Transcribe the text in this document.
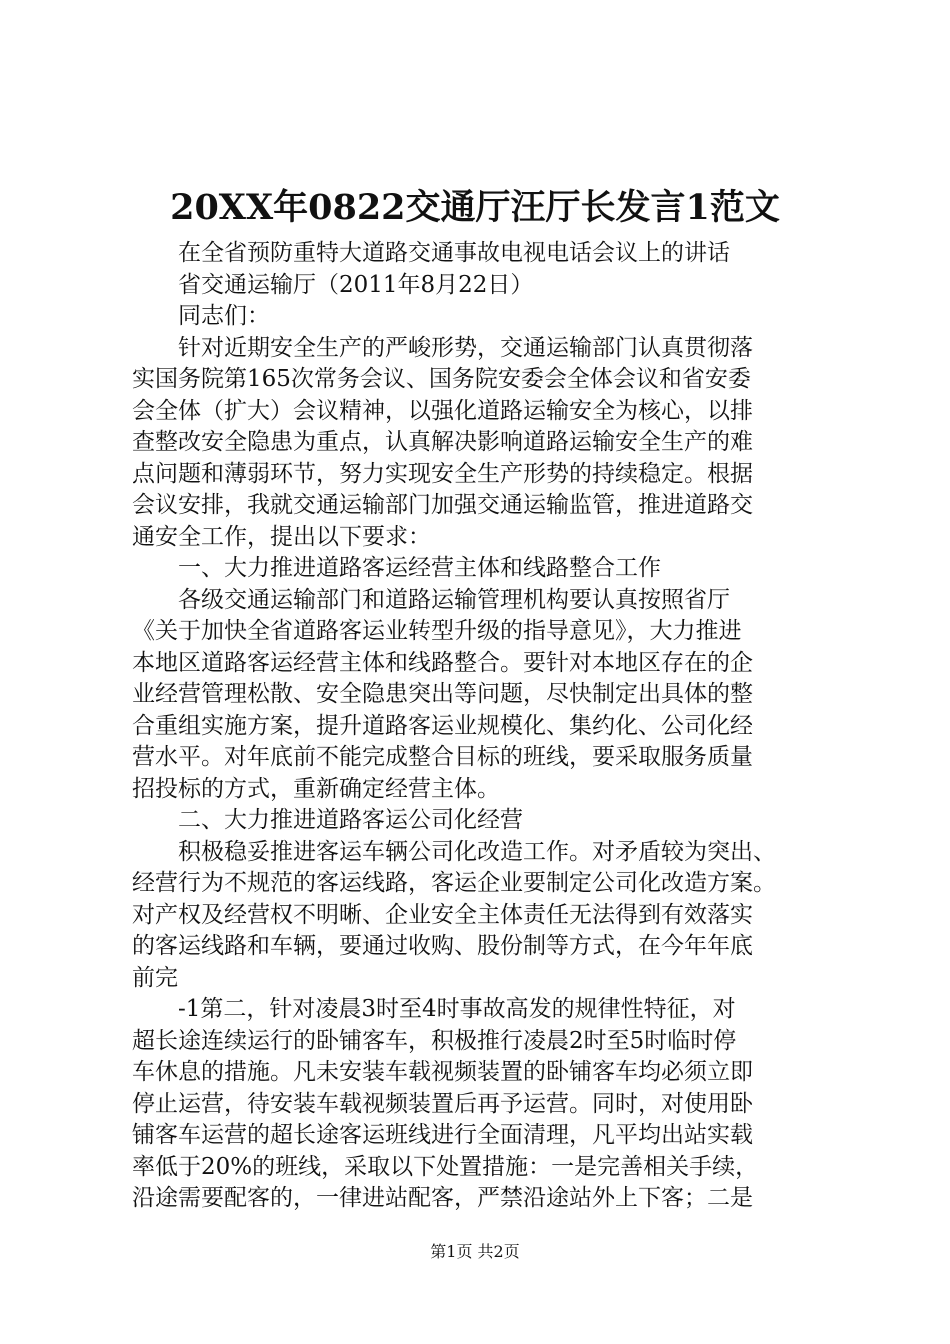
20XX年0822交通厅汪厅长发言1范文
在全省预防重特大道路交通事故电视电话会议上的讲话
省交通运输厅（2011年8月22日）
同志们：
针对近期安全生产的严峻形势，交通运输部门认真贯彻落
实国务院第165次常务会议、国务院安委会全体会议和省安委
会全体（扩大）会议精神，以强化道路运输安全为核心，以排
查整改安全隐患为重点，认真解决影响道路运输安全生产的难
点问题和薄弱环节，努力实现安全生产形势的持续稳定。根据
会议安排，我就交通运输部门加强交通运输监管，推进道路交
通安全工作，提出以下要求：
一、大力推进道路客运经营主体和线路整合工作
各级交通运输部门和道路运输管理机构要认真按照省厅
《关于加快全省道路客运业转型升级的指导意见》，大力推进
本地区道路客运经营主体和线路整合。要针对本地区存在的企
业经营管理松散、安全隐患突出等问题，尽快制定出具体的整
合重组实施方案，提升道路客运业规模化、集约化、公司化经
营水平。对年底前不能完成整合目标的班线，要采取服务质量
招投标的方式，重新确定经营主体。
二、大力推进道路客运公司化经营
积极稳妥推进客运车辆公司化改造工作。对矛盾较为突出、
经营行为不规范的客运线路，客运企业要制定公司化改造方案。
对产权及经营权不明晰、企业安全主体责任无法得到有效落实
的客运线路和车辆，要通过收购、股份制等方式，在今年年底
前完
-1第二，针对凌晨3时至4时事故高发的规律性特征，对
超长途连续运行的卧铺客车，积极推行凌晨2时至5时临时停
车休息的措施。凡未安装车载视频装置的卧铺客车均必须立即
停止运营，待安装车载视频装置后再予运营。同时，对使用卧
铺客车运营的超长途客运班线进行全面清理，凡平均出站实载
率低于20%的班线，采取以下处置措施：一是完善相关手续，
沿途需要配客的，一律进站配客，严禁沿途站外上下客；二是
第1页 共2页
